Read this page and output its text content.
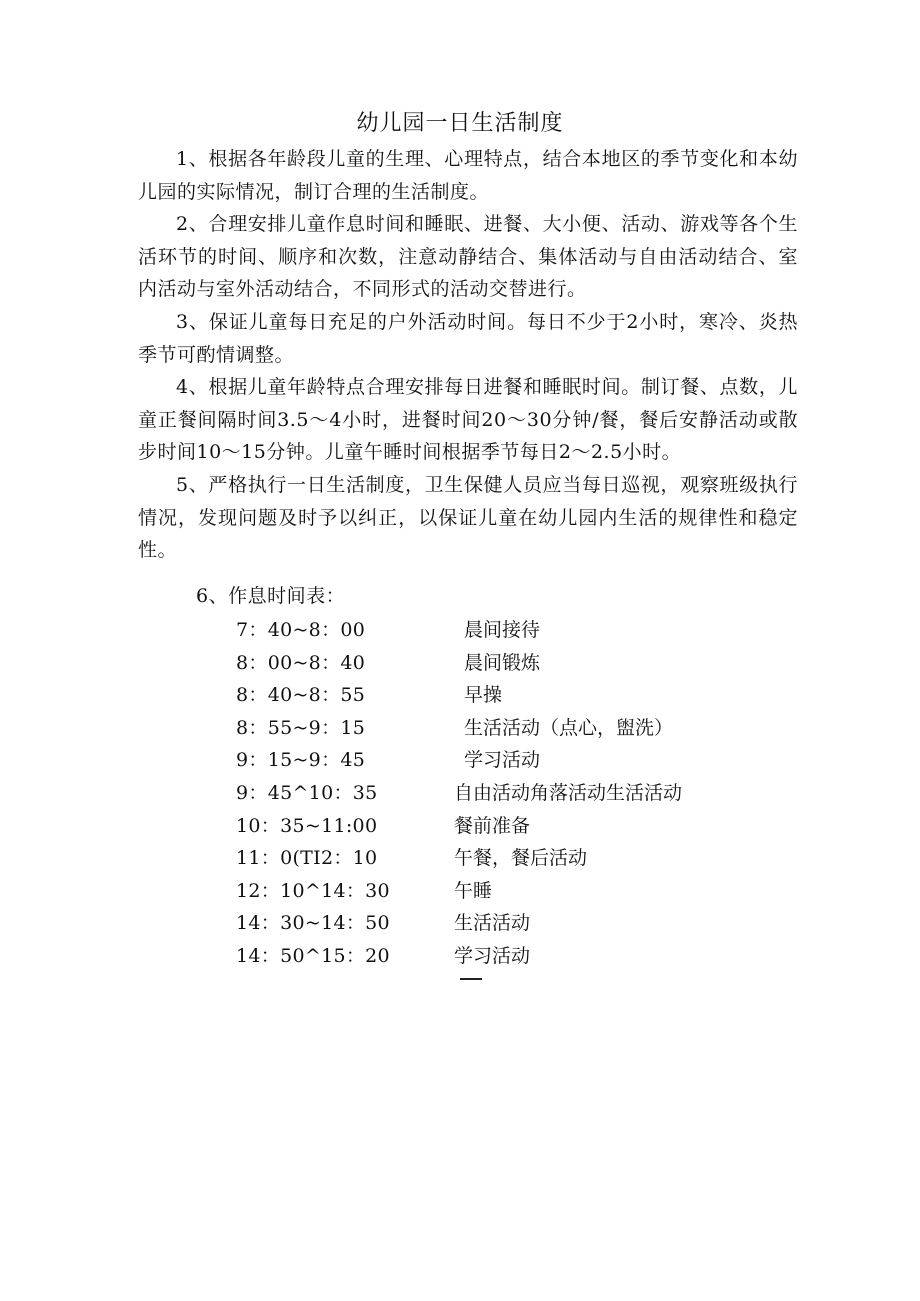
幼儿园一日生活制度

1、根据各年龄段儿童的生理、心理特点，结合本地区的季节变化和本幼儿园的实际情况，制订合理的生活制度。

2、合理安排儿童作息时间和睡眠、进餐、大小便、活动、游戏等各个生活环节的时间、顺序和次数，注意动静结合、集体活动与自由活动结合、室内活动与室外活动结合，不同形式的活动交替进行。

3、保证儿童每日充足的户外活动时间。每日不少于2小时，寒冷、炎热季节可酌情调整。

4、根据儿童年龄特点合理安排每日进餐和睡眠时间。制订餐、点数，儿童正餐间隔时间3.5～4小时，进餐时间20～30分钟/餐，餐后安静活动或散步时间10～15分钟。儿童午睡时间根据季节每日2～2.5小时。

5、严格执行一日生活制度，卫生保健人员应当每日巡视，观察班级执行情况，发现问题及时予以纠正，以保证儿童在幼儿园内生活的规律性和稳定性。

6、作息时间表：
7：40~8：00	晨间接待
8：00~8：40	晨间锻炼
8：40~8：55	早操
8：55~9：15	生活活动（点心，盥洗）
9：15~9：45	学习活动
9：45^10：35	自由活动角落活动生活活动
10：35~11:00	餐前准备
11：0(TI2：10	午餐，餐后活动
12：10^14：30	午睡
14：30~14：50	生活活动
14：50^15：20	学习活动
